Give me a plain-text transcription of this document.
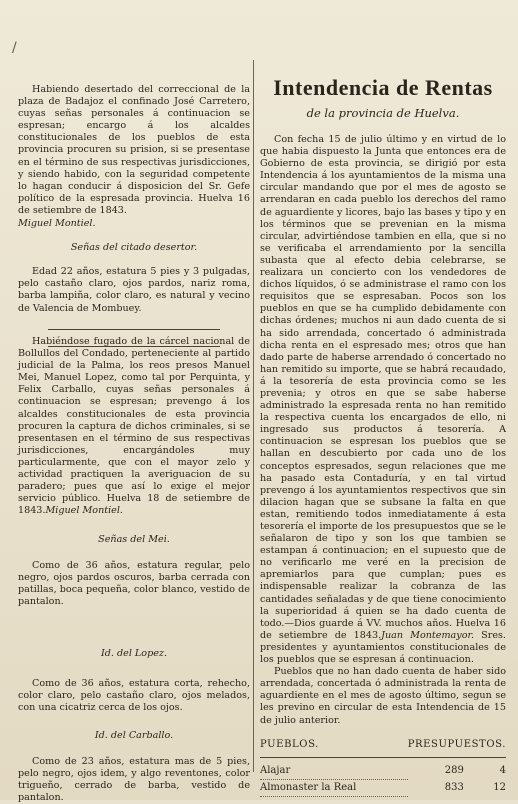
/

Habiendo desertado del correccional de la plaza de Badajoz el confinado José Carretero, cuyas señas personales á continuacion se espresan; encargo á los alcaldes constitucionales de los pueblos de esta provincia procuren su prision, si se presentase en el término de sus respectivas jurisdicciones, y siendo habido, con la seguridad competente lo hagan conducir á disposicion del Sr. Gefe político de la espresada provincia. Huelva 16 de setiembre de 1843.

Miguel Montiel.

Señas del citado desertor.

Edad 22 años, estatura 5 pies y 3 pulgadas, pelo castaño claro, ojos pardos, nariz roma, barba lampiña, color claro, es natural y vecino de Valencia de Mombuey.

Habiéndose fugado de la cárcel nacional de Bollullos del Condado, perteneciente al partido judicial de la Palma, los reos presos Manuel Mei, Manuel Lopez, como tal por Perquinta, y Felix Carballo, cuyas señas personales á continuacion se espresan; prevengo á los alcaldes constitucionales de esta provincia procuren la captura de dichos criminales, si se presentasen en el término de sus respectivas jurisdicciones, encargándoles muy particularmente, que con el mayor zelo y actividad practiquen la averiguacion de su paradero; pues que así lo exige el mejor servicio público. Huelva 18 de setiembre de 1843.Miguel Montiel.

Señas del Mei.

Como de 36 años, estatura regular, pelo negro, ojos pardos oscuros, barba cerrada con patillas, boca pequeña, color blanco, vestido de pantalon.

Id. del Lopez.

Como de 36 años, estatura corta, rehecho, color claro, pelo castaño claro, ojos melados, con una cicatriz cerca de los ojos.

Id. del Carballo.

Como de 23 años, estatura mas de 5 pies, pelo negro, ojos idem, y algo reventones, color trigueño, cerrado de barba, vestido de pantalon.

Intendencia de Rentas
de la provincia de Huelva.

Con fecha 15 de julio último y en virtud de lo que habia dispuesto la Junta que entonces era de Gobierno de esta provincia, se dirigió por esta Intendencia á los ayuntamientos de la misma una circular mandando que por el mes de agosto se arrendaran en cada pueblo los derechos del ramo de aguardiente y licores, bajo las bases y tipo y en los términos que se prevenian en la misma circular, advirtiéndose tambien en ella, que si no se verificaba el arrendamiento por la sencilla subasta que al efecto debia celebrarse, se realizara un concierto con los vendedores de dichos líquidos, ó se administrase el ramo con los requisitos que se espresaban. Pocos son los pueblos en que se ha cumplido debidamente con dichas órdenes; muchos ni aun dado cuenta de si ha sido arrendada, concertado ó administrada dicha renta en el espresado mes; otros que han dado parte de haberse arrendado ó concertado no han remitido su importe, que se habrá recaudado, á la tesorería de esta provincia como se les prevenia; y otros en que se sabe haberse administrado la espresada renta no han remitido la respectiva cuenta los encargados de ello, ni ingresado sus productos á tesorería. A continuacion se espresan los pueblos que se hallan en descubierto por cada uno de los conceptos espresados, segun relaciones que me ha pasado esta Contaduría, y en tal virtud prevengo á los ayuntamientos respectivos que sin dilacion hagan que se subsane la falta en que estan, remitiendo todos inmediatamente á esta tesorería el importe de los presupuestos que se le señalaron de tipo y son los que tambien se estampan á continuacion; en el supuesto que de no verificarlo me veré en la precision de apremiarlos para que cumplan; pues es indispensable realizar la cobranza de las cantidades señaladas y de que tiene conocimiento la superioridad á quien se ha dado cuenta de todo.—Dios guarde á VV. muchos años. Huelva 16 de setiembre de 1843.Juan Montemayor. Sres. presidentes y ayuntamientos constitucionales de los pueblos que se espresan á continuacion.

Pueblos que no han dado cuenta de haber sido arrendada, concertada ó administrada la renta de aguardiente en el mes de agosto último, segun se les previno en circular de esta Intendencia de 15 de julio anterior.

PUEBLOS.	PRESUPUESTOS.	

Alajar	289	4
Almonaster la Real	833	12
